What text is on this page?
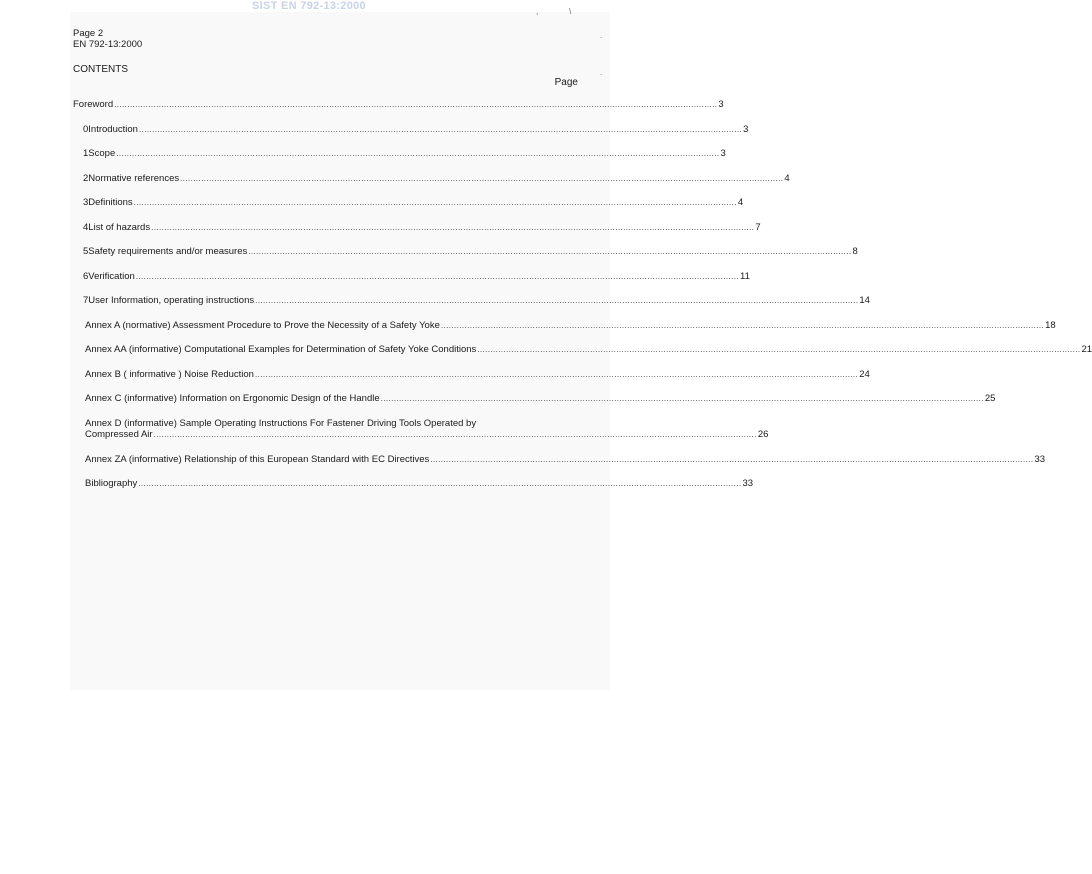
SIST EN 792-13:2000	,	\
.
.
Page 2
EN 792-13:2000
CONTENTS
Page
Foreword ...................................................................................................................................................................................................................................... 3
0 Introduction ...................................................................................................................................................................................................................................... 3
1 Scope ...................................................................................................................................................................................................................................... 3
2 Normative references ...................................................................................................................................................................................................................................... 4
3 Definitions ...................................................................................................................................................................................................................................... 4
4 List of hazards ...................................................................................................................................................................................................................................... 7
5 Safety requirements and/or measures ...................................................................................................................................................................................................................................... 8
6 Verification ...................................................................................................................................................................................................................................... 11
7 User Information, operating instructions ...................................................................................................................................................................................................................................... 14
Annex A (normative) Assessment Procedure to Prove the Necessity of a Safety Yoke ...................................................................................................................................................................................................................................... 18
Annex AA (informative) Computational Examples for Determination of Safety Yoke Conditions ...................................................................................................................................................................................................................................... 21
Annex B ( informative ) Noise Reduction ...................................................................................................................................................................................................................................... 24
Annex C (informative) Information on Ergonomic Design of the Handle ...................................................................................................................................................................................................................................... 25
Annex D (informative) Sample Operating Instructions For Fastener Driving Tools Operated by
Compressed Air ...................................................................................................................................................................................................................................... 26
Annex ZA (informative) Relationship of this European Standard with EC Directives ...................................................................................................................................................................................................................................... 33
Bibliography ...................................................................................................................................................................................................................................... 33
